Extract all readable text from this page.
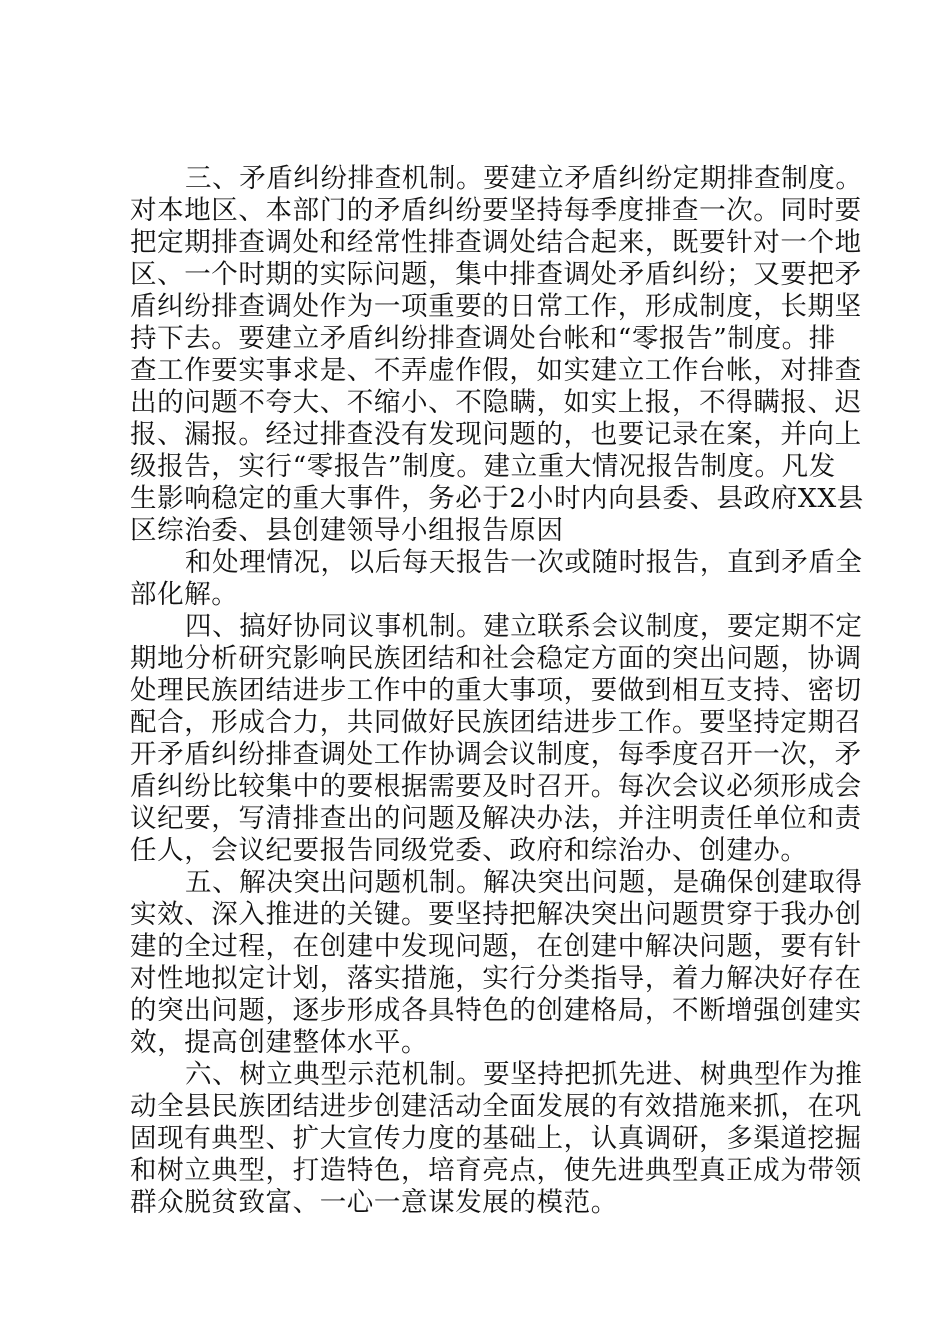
三、矛盾纠纷排查机制。要建立矛盾纠纷定期排查制度。
对本地区、本部门的矛盾纠纷要坚持每季度排查一次。同时要
把定期排查调处和经常性排查调处结合起来，既要针对一个地
区、一个时期的实际问题，集中排查调处矛盾纠纷；又要把矛
盾纠纷排查调处作为一项重要的日常工作，形成制度，长期坚
持下去。要建立矛盾纠纷排查调处台帐和“零报告”制度。排
查工作要实事求是、不弄虚作假，如实建立工作台帐，对排查
出的问题不夸大、不缩小、不隐瞒，如实上报，不得瞒报、迟
报、漏报。经过排查没有发现问题的，也要记录在案，并向上
级报告，实行“零报告”制度。建立重大情况报告制度。凡发
生影响稳定的重大事件，务必于2小时内向县委、县政府XX县
区综治委、县创建领导小组报告原因
和处理情况，以后每天报告一次或随时报告，直到矛盾全
部化解。
四、搞好协同议事机制。建立联系会议制度，要定期不定
期地分析研究影响民族团结和社会稳定方面的突出问题，协调
处理民族团结进步工作中的重大事项，要做到相互支持、密切
配合，形成合力，共同做好民族团结进步工作。要坚持定期召
开矛盾纠纷排查调处工作协调会议制度，每季度召开一次，矛
盾纠纷比较集中的要根据需要及时召开。每次会议必须形成会
议纪要，写清排查出的问题及解决办法，并注明责任单位和责
任人，会议纪要报告同级党委、政府和综治办、创建办。
五、解决突出问题机制。解决突出问题，是确保创建取得
实效、深入推进的关键。要坚持把解决突出问题贯穿于我办创
建的全过程，在创建中发现问题，在创建中解决问题，要有针
对性地拟定计划，落实措施，实行分类指导，着力解决好存在
的突出问题，逐步形成各具特色的创建格局，不断增强创建实
效，提高创建整体水平。
六、树立典型示范机制。要坚持把抓先进、树典型作为推
动全县民族团结进步创建活动全面发展的有效措施来抓，在巩
固现有典型、扩大宣传力度的基础上，认真调研，多渠道挖掘
和树立典型，打造特色，培育亮点，使先进典型真正成为带领
群众脱贫致富、一心一意谋发展的模范。
